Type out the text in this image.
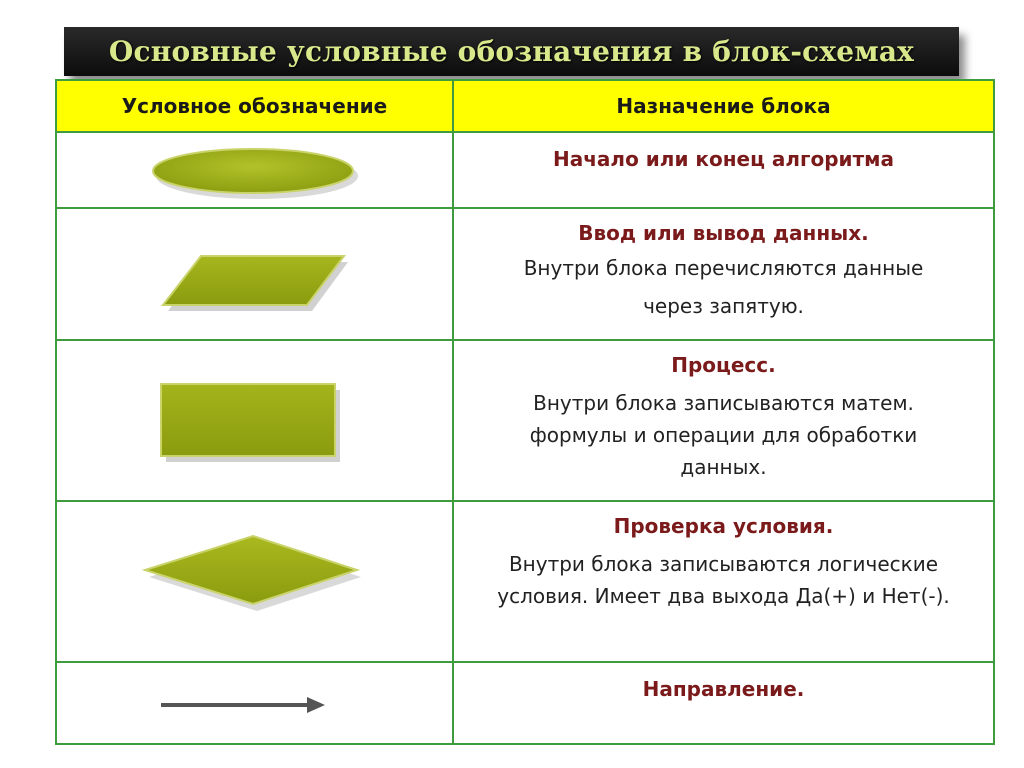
Основные условные обозначения в блок-схемах
Условное обозначение	Назначение блока

Начало или конец алгоритма

Ввод или вывод данных.
Внутри блока перечисляются данные
через запятую.

Процесс.
Внутри блока записываются матем.
формулы и операции для обработки
данных.

Проверка условия.
Внутри блока записываются логические
условия. Имеет два выхода Да(+) и Нет(-).

Направление.
